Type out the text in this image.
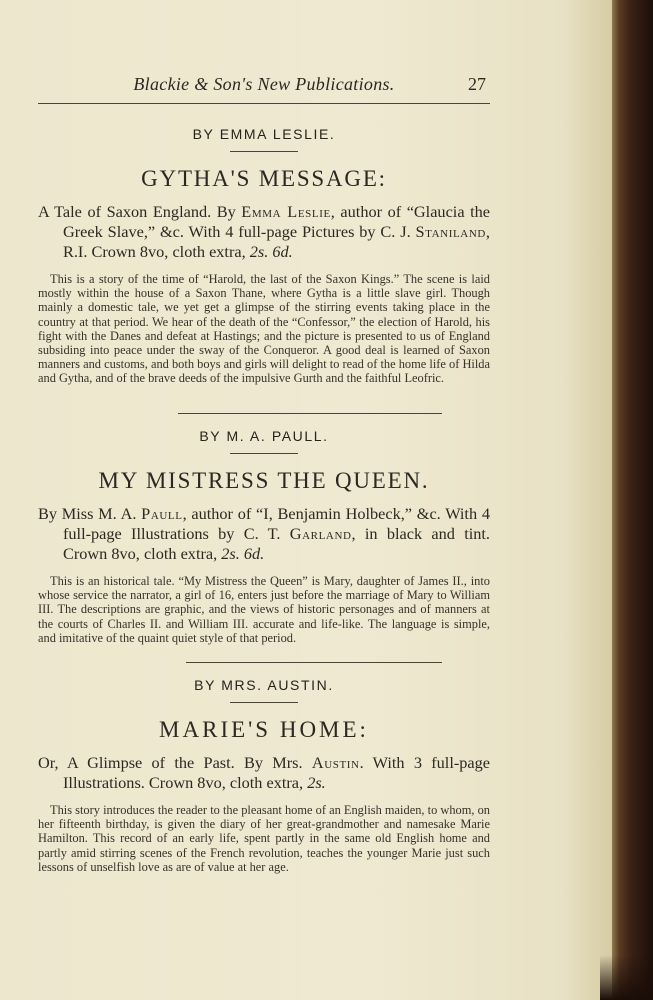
Blackie & Son's New Publications.	27
BY EMMA LESLIE.
GYTHA'S MESSAGE:
A Tale of Saxon England. By Emma Leslie, author of “Glaucia the Greek Slave,” &c. With 4 full-page Pictures by C. J. Staniland, R.I. Crown 8vo, cloth extra, 2s. 6d.
This is a story of the time of “Harold, the last of the Saxon Kings.” The scene is laid mostly within the house of a Saxon Thane, where Gytha is a little slave girl. Though mainly a domestic tale, we yet get a glimpse of the stirring events taking place in the country at that period. We hear of the death of the “Confessor,” the election of Harold, his fight with the Danes and defeat at Hastings; and the picture is presented to us of England subsiding into peace under the sway of the Conqueror. A good deal is learned of Saxon manners and customs, and both boys and girls will delight to read of the home life of Hilda and Gytha, and of the brave deeds of the impulsive Gurth and the faithful Leofric.
BY M. A. PAULL.
MY MISTRESS THE QUEEN.
By Miss M. A. Paull, author of “I, Benjamin Holbeck,” &c. With 4 full-page Illustrations by C. T. Garland, in black and tint. Crown 8vo, cloth extra, 2s. 6d.
This is an historical tale. “My Mistress the Queen” is Mary, daughter of James II., into whose service the narrator, a girl of 16, enters just before the marriage of Mary to William III. The descriptions are graphic, and the views of historic personages and of manners at the courts of Charles II. and William III. accurate and life-like. The language is simple, and imitative of the quaint quiet style of that period.
BY MRS. AUSTIN.
MARIE'S HOME:
Or, A Glimpse of the Past. By Mrs. Austin. With 3 full-page Illustrations. Crown 8vo, cloth extra, 2s.
This story introduces the reader to the pleasant home of an English maiden, to whom, on her fifteenth birthday, is given the diary of her great-grandmother and namesake Marie Hamilton. This record of an early life, spent partly in the same old English home and partly amid stirring scenes of the French revolution, teaches the younger Marie just such lessons of unselfish love as are of value at her age.
